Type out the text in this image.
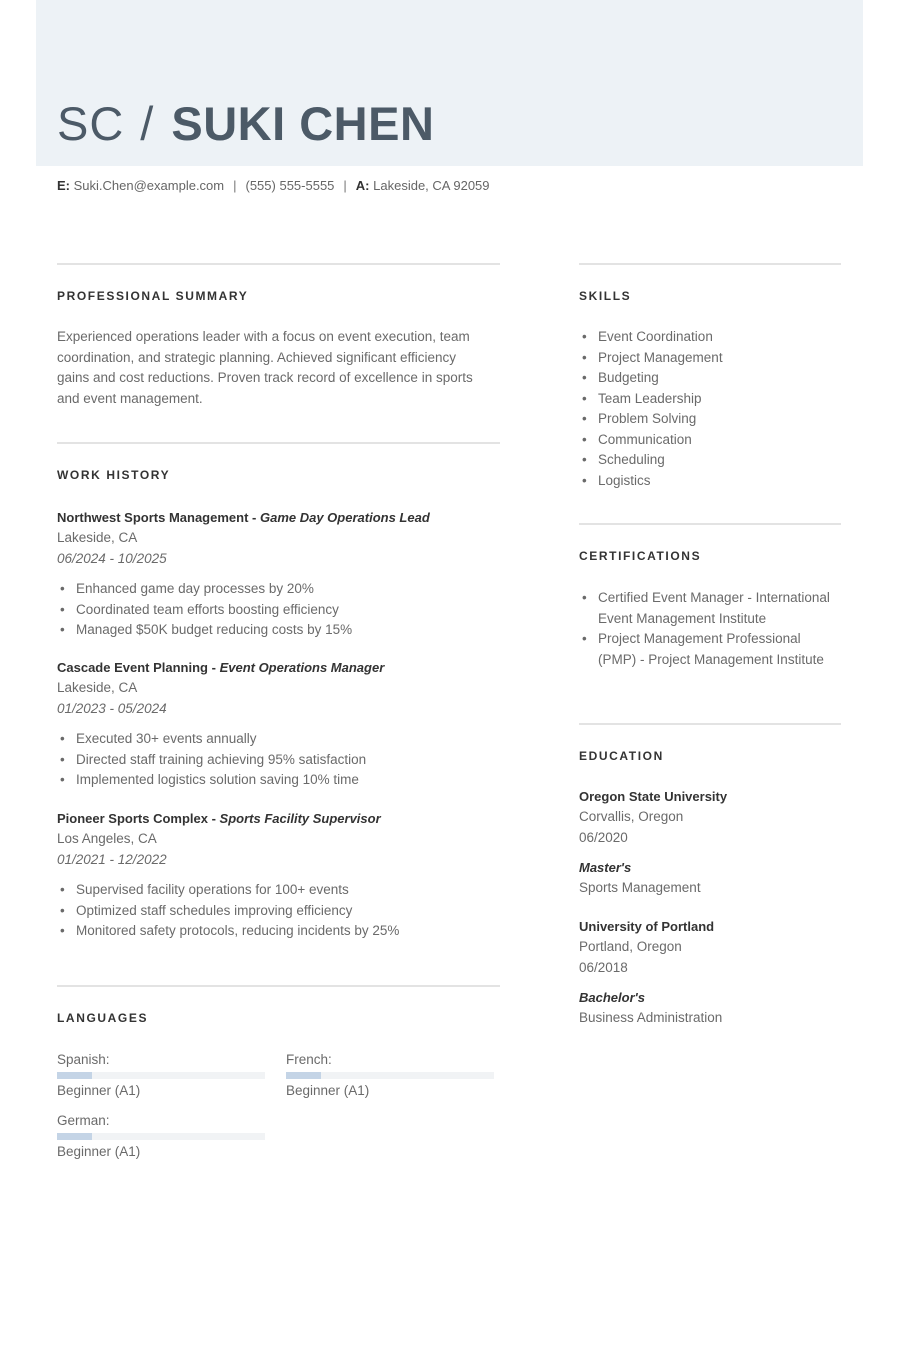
SC / SUKI CHEN
E: Suki.Chen@example.com | (555) 555-5555 | A: Lakeside, CA 92059
PROFESSIONAL SUMMARY
Experienced operations leader with a focus on event execution, team coordination, and strategic planning. Achieved significant efficiency gains and cost reductions. Proven track record of excellence in sports and event management.
WORK HISTORY
Northwest Sports Management - Game Day Operations Lead
Lakeside, CA
06/2024 - 10/2025
• Enhanced game day processes by 20%
• Coordinated team efforts boosting efficiency
• Managed $50K budget reducing costs by 15%
Cascade Event Planning - Event Operations Manager
Lakeside, CA
01/2023 - 05/2024
• Executed 30+ events annually
• Directed staff training achieving 95% satisfaction
• Implemented logistics solution saving 10% time
Pioneer Sports Complex - Sports Facility Supervisor
Los Angeles, CA
01/2021 - 12/2022
• Supervised facility operations for 100+ events
• Optimized staff schedules improving efficiency
• Monitored safety protocols, reducing incidents by 25%
LANGUAGES
Spanish:
Beginner (A1)
French:
Beginner (A1)
German:
Beginner (A1)
SKILLS
• Event Coordination
• Project Management
• Budgeting
• Team Leadership
• Problem Solving
• Communication
• Scheduling
• Logistics
CERTIFICATIONS
• Certified Event Manager - International Event Management Institute
• Project Management Professional (PMP) - Project Management Institute
EDUCATION
Oregon State University
Corvallis, Oregon
06/2020
Master's
Sports Management
University of Portland
Portland, Oregon
06/2018
Bachelor's
Business Administration
